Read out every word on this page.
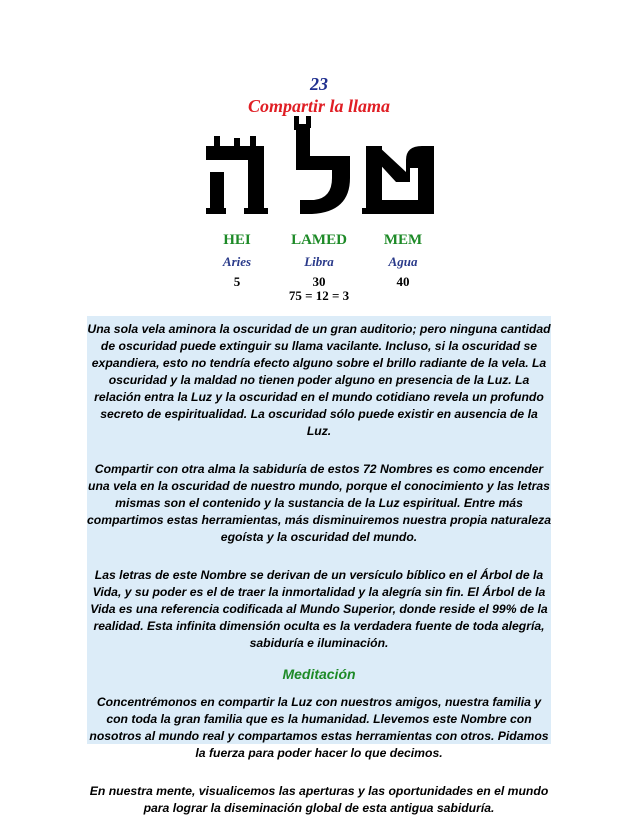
23
Compartir la llama
HEI
Aries
5
LAMED
Libra
30
MEM
Agua
40
75 = 12 = 3

Una sola vela aminora la oscuridad de un gran auditorio; pero ninguna cantidad de oscuridad puede extinguir su llama vacilante. Incluso, si la oscuridad se expandiera, esto no tendría efecto alguno sobre el brillo radiante de la vela. La oscuridad y la maldad no tienen poder alguno en presencia de la Luz. La relación entra la Luz y la oscuridad en el mundo cotidiano revela un profundo secreto de espiritualidad. La oscuridad sólo puede existir en ausencia de la Luz.

Compartir con otra alma la sabiduría de estos 72 Nombres es como encender una vela en la oscuridad de nuestro mundo, porque el conocimiento y las letras mismas son el contenido y la sustancia de la Luz espiritual. Entre más compartimos estas herramientas, más disminuiremos nuestra propia naturaleza egoísta y la oscuridad del mundo.

Las letras de este Nombre se derivan de un versículo bíblico en el Árbol de la Vida, y su poder es el de traer la inmortalidad y la alegría sin fin. El Árbol de la Vida es una referencia codificada al Mundo Superior, donde reside el 99% de la realidad. Esta infinita dimensión oculta es la verdadera fuente de toda alegría, sabiduría e iluminación.

Meditación

Concentrémonos en compartir la Luz con nuestros amigos, nuestra familia y con toda la gran familia que es la humanidad. Llevemos este Nombre con nosotros al mundo real y compartamos estas herramientas con otros. Pidamos la fuerza para poder hacer lo que decimos.

En nuestra mente, visualicemos las aperturas y las oportunidades en el mundo para lograr la diseminación global de esta antigua sabiduría.
